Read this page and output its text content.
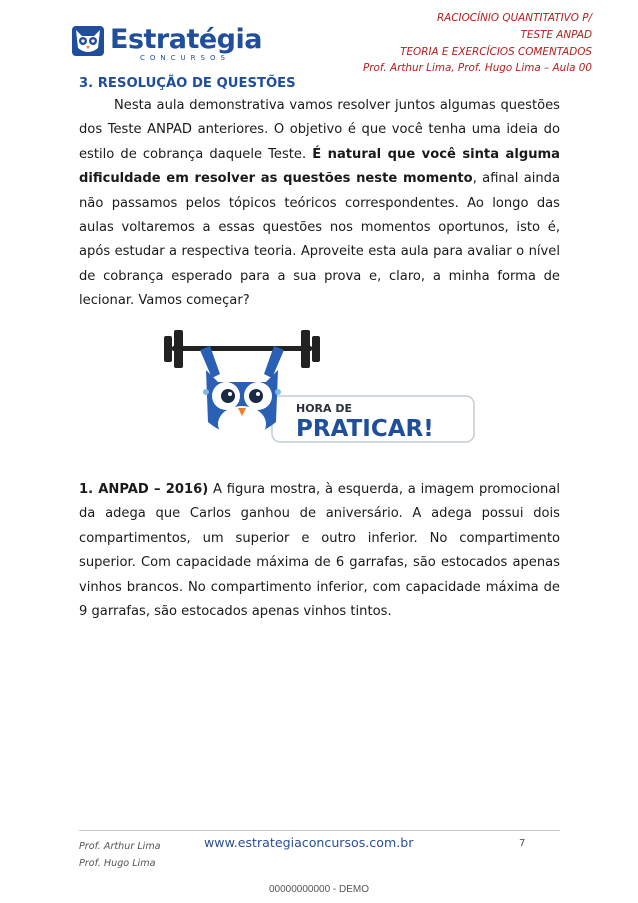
Estratégia
CONCURSOS
RACIOCÍNIO QUANTITATIVO P/
TESTE ANPAD
TEORIA E EXERCÍCIOS COMENTADOS
Prof. Arthur Lima, Prof. Hugo Lima – Aula 00
3. RESOLUÇÃO DE QUESTÕES
Nesta aula demonstrativa vamos resolver juntos algumas questões dos Teste ANPAD anteriores. O objetivo é que você tenha uma ideia do estilo de cobrança daquele Teste. É natural que você sinta alguma dificuldade em resolver as questões neste momento, afinal ainda não passamos pelos tópicos teóricos correspondentes. Ao longo das aulas voltaremos a essas questões nos momentos oportunos, isto é, após estudar a respectiva teoria. Aproveite esta aula para avaliar o nível de cobrança esperado para a sua prova e, claro, a minha forma de lecionar. Vamos começar?
HORA DE
PRATICAR!
1. ANPAD – 2016) A figura mostra, à esquerda, a imagem promocional da adega que Carlos ganhou de aniversário. A adega possui dois compartimentos, um superior e outro inferior. No compartimento superior. Com capacidade máxima de 6 garrafas, são estocados apenas vinhos brancos. No compartimento inferior, com capacidade máxima de 9 garrafas, são estocados apenas vinhos tintos.
Prof. Arthur Lima
Prof. Hugo Lima
www.estrategiaconcursos.com.br	7
00000000000 - DEMO
